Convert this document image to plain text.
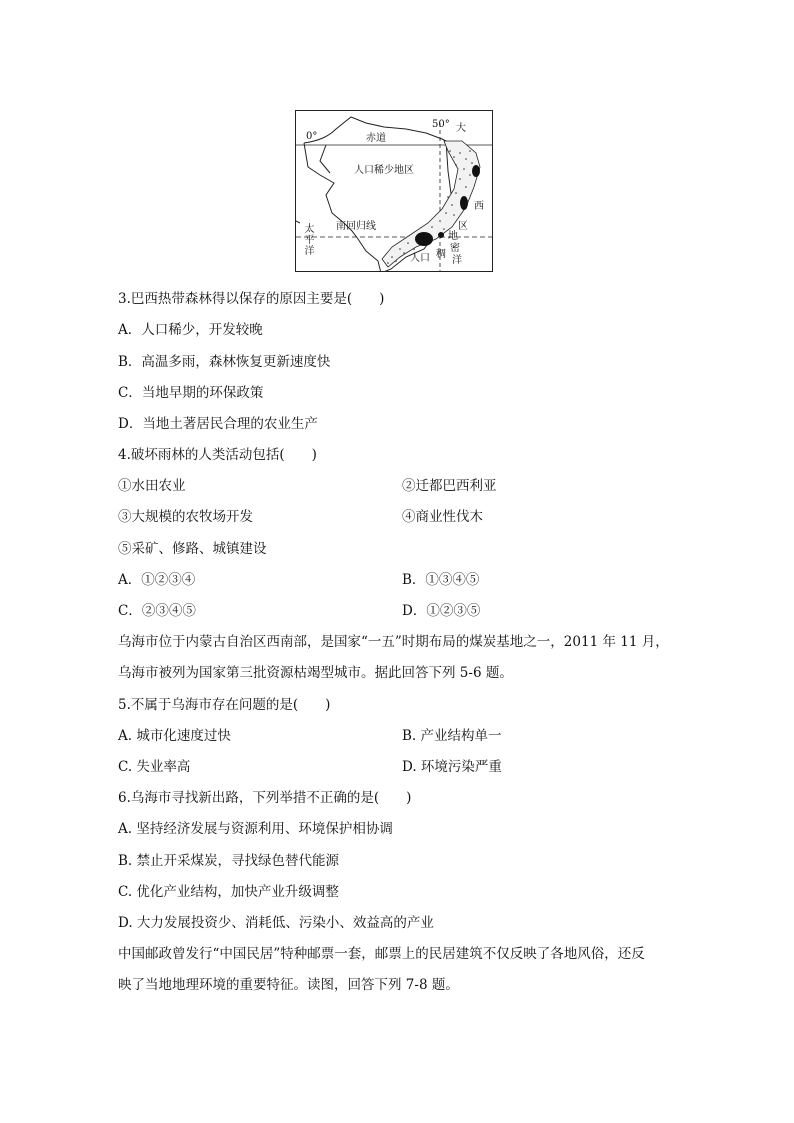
0°
50° 大
赤道
人口稀少地区
南回归线
太平洋
西
区
地
密
稠
洋
人口
3.巴西热带森林得以保存的原因主要是(　　)
A．人口稀少，开发较晚
B．高温多雨，森林恢复更新速度快
C．当地早期的环保政策
D．当地土著居民合理的农业生产
4.破坏雨林的人类活动包括(　　)
①水田农业	②迁都巴西利亚
③大规模的农牧场开发	④商业性伐木
⑤采矿、修路、城镇建设
A．①②③④	B．①③④⑤
C．②③④⑤	D．①②③⑤
乌海市位于内蒙古自治区西南部，是国家“一五”时期布局的煤炭基地之一，2011 年 11 月，
乌海市被列为国家第三批资源枯竭型城市。据此回答下列 5-6 题。
5.不属于乌海市存在问题的是(　　)
A. 城市化速度过快	B. 产业结构单一
C. 失业率高	D. 环境污染严重
6.乌海市寻找新出路，下列举措不正确的是(　　)
A. 坚持经济发展与资源利用、环境保护相协调
B. 禁止开采煤炭，寻找绿色替代能源
C. 优化产业结构，加快产业升级调整
D. 大力发展投资少、消耗低、污染小、效益高的产业
中国邮政曾发行“中国民居”特种邮票一套，邮票上的民居建筑不仅反映了各地风俗，还反
映了当地地理环境的重要特征。读图，回答下列 7-8 题。
